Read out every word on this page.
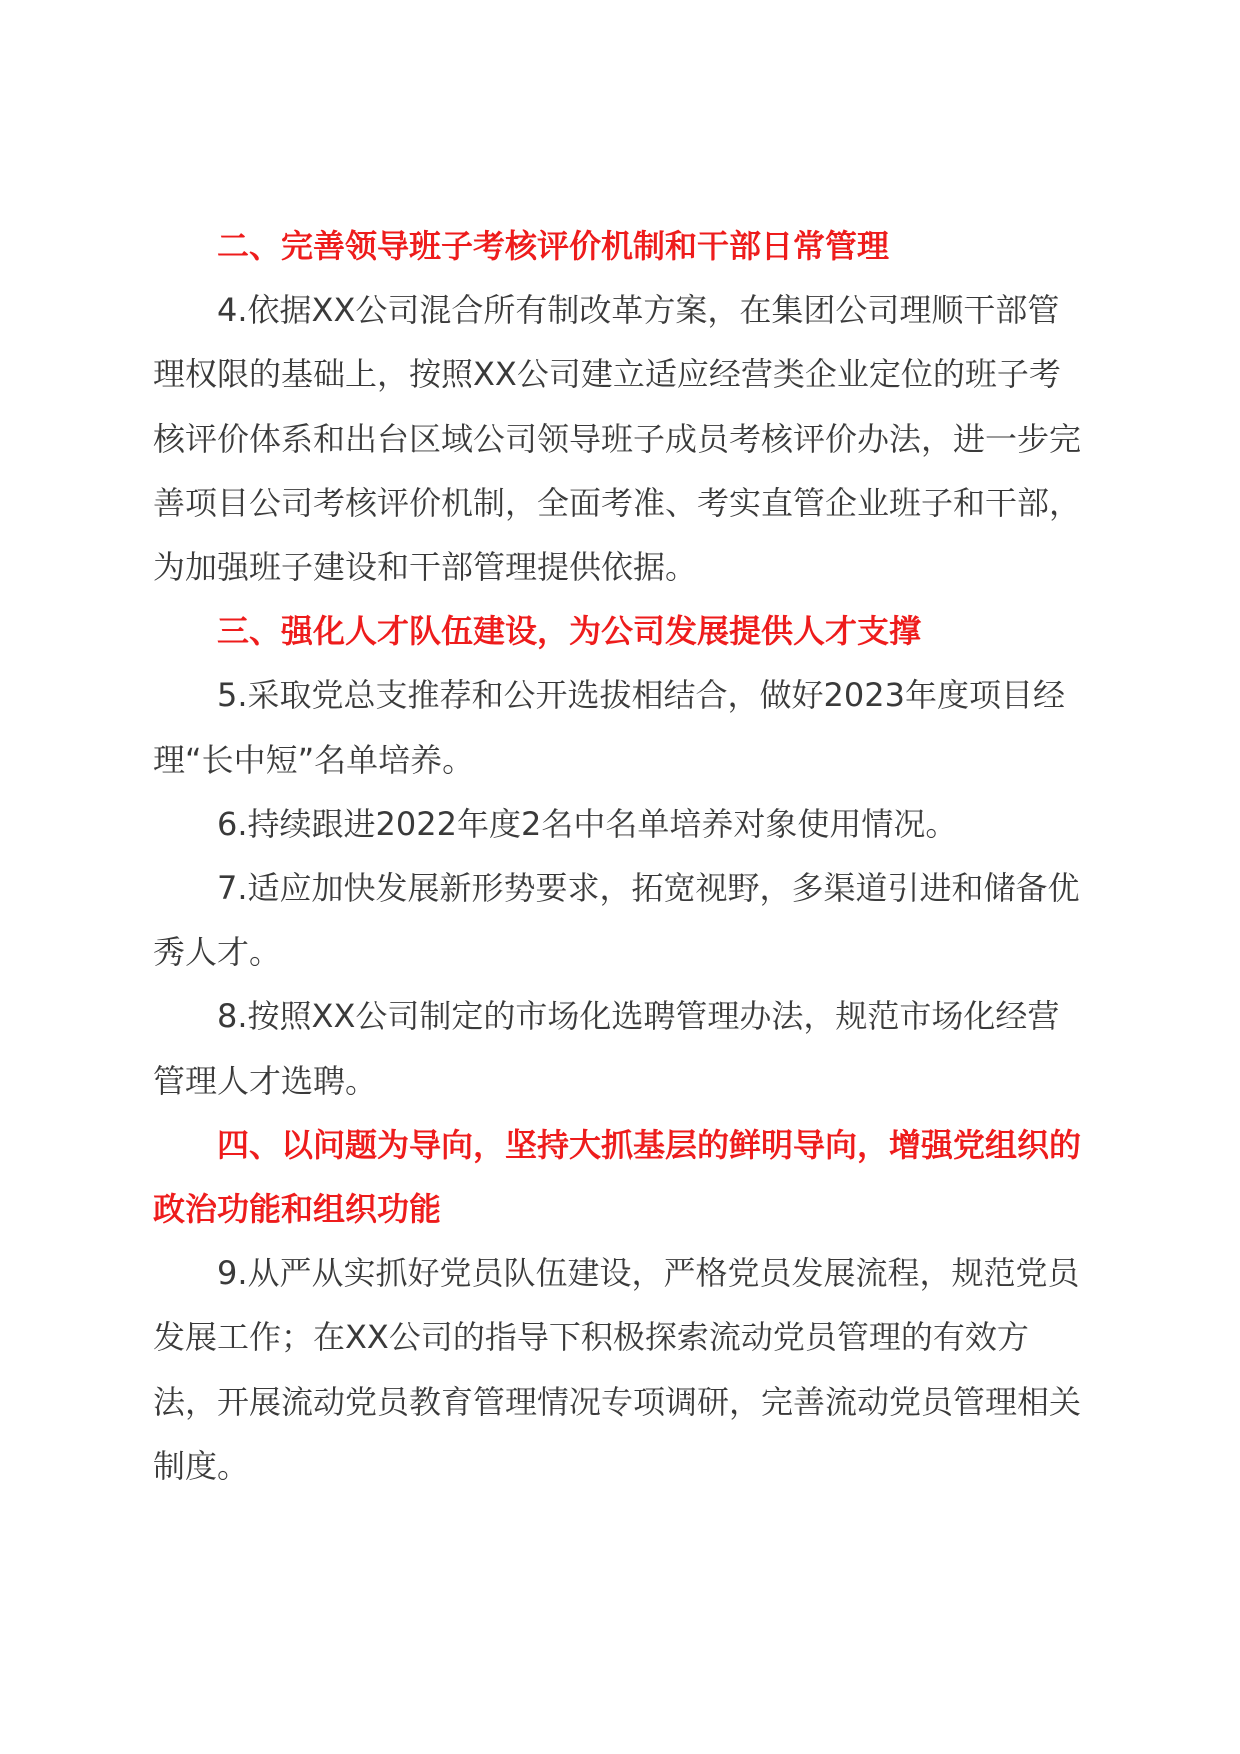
二、完善领导班子考核评价机制和干部日常管理

4.依据XX公司混合所有制改革方案，在集团公司理顺干部管理权限的基础上，按照XX公司建立适应经营类企业定位的班子考核评价体系和出台区域公司领导班子成员考核评价办法，进一步完善项目公司考核评价机制，全面考准、考实直管企业班子和干部，为加强班子建设和干部管理提供依据。

三、强化人才队伍建设，为公司发展提供人才支撑

5.采取党总支推荐和公开选拔相结合，做好2023年度项目经理“长中短”名单培养。

6.持续跟进2022年度2名中名单培养对象使用情况。

7.适应加快发展新形势要求，拓宽视野，多渠道引进和储备优秀人才。

8.按照XX公司制定的市场化选聘管理办法，规范市场化经营管理人才选聘。

四、以问题为导向，坚持大抓基层的鲜明导向，增强党组织的政治功能和组织功能

9.从严从实抓好党员队伍建设，严格党员发展流程，规范党员发展工作；在XX公司的指导下积极探索流动党员管理的有效方法，开展流动党员教育管理情况专项调研，完善流动党员管理相关制度。
